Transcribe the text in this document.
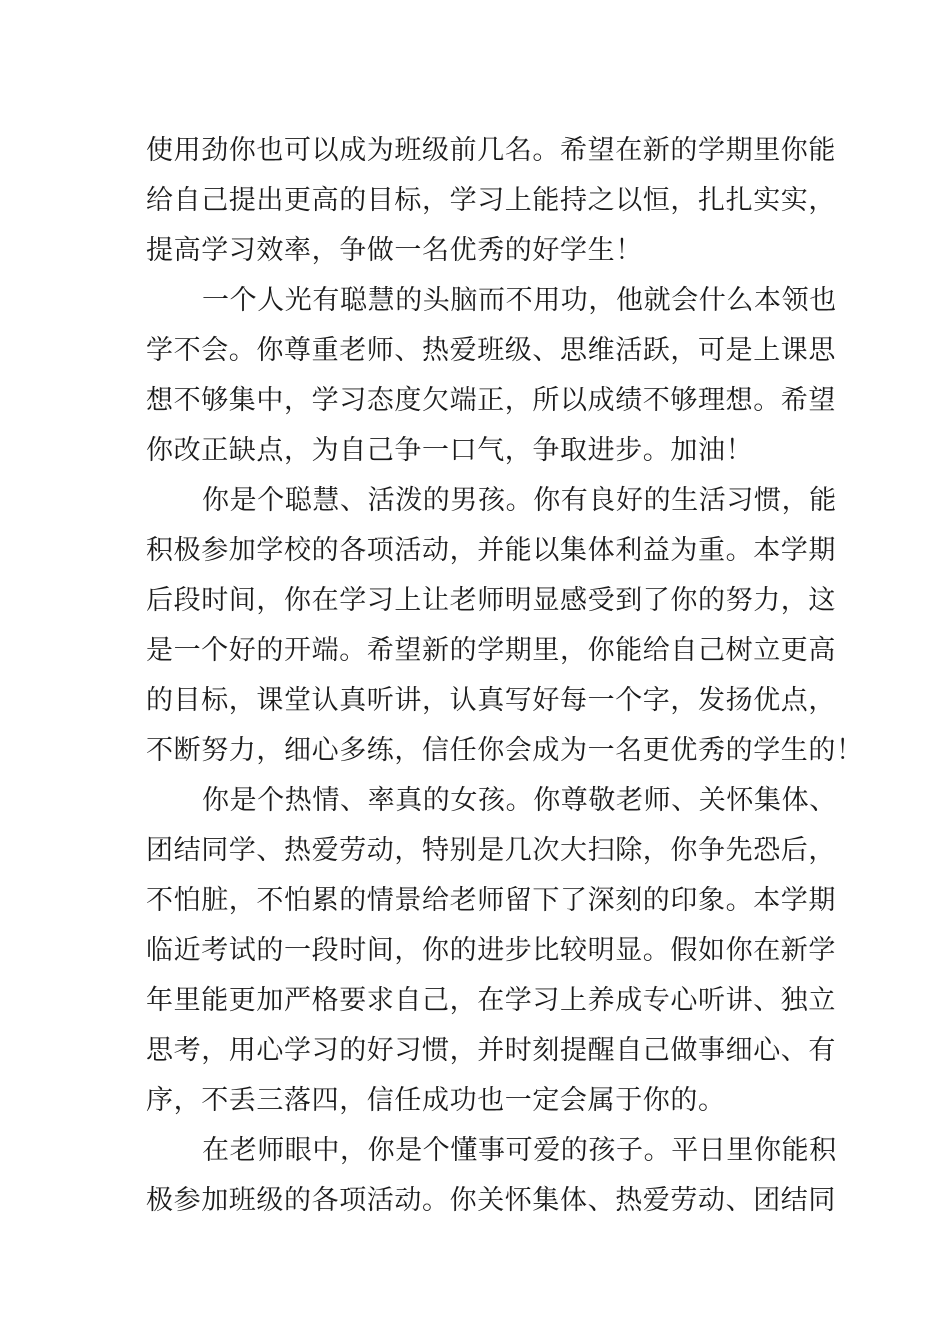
使用劲你也可以成为班级前几名。希望在新的学期里你能
给自己提出更高的目标，学习上能持之以恒，扎扎实实，
提高学习效率，争做一名优秀的好学生！
一个人光有聪慧的头脑而不用功，他就会什么本领也
学不会。你尊重老师、热爱班级、思维活跃，可是上课思
想不够集中，学习态度欠端正，所以成绩不够理想。希望
你改正缺点，为自己争一口气，争取进步。加油！
你是个聪慧、活泼的男孩。你有良好的生活习惯，能
积极参加学校的各项活动，并能以集体利益为重。本学期
后段时间，你在学习上让老师明显感受到了你的努力，这
是一个好的开端。希望新的学期里，你能给自己树立更高
的目标，课堂认真听讲，认真写好每一个字，发扬优点，
不断努力，细心多练，信任你会成为一名更优秀的学生的！
你是个热情、率真的女孩。你尊敬老师、关怀集体、
团结同学、热爱劳动，特别是几次大扫除，你争先恐后，
不怕脏，不怕累的情景给老师留下了深刻的印象。本学期
临近考试的一段时间，你的进步比较明显。假如你在新学
年里能更加严格要求自己，在学习上养成专心听讲、独立
思考，用心学习的好习惯，并时刻提醒自己做事细心、有
序，不丢三落四，信任成功也一定会属于你的。
在老师眼中，你是个懂事可爱的孩子。平日里你能积
极参加班级的各项活动。你关怀集体、热爱劳动、团结同
